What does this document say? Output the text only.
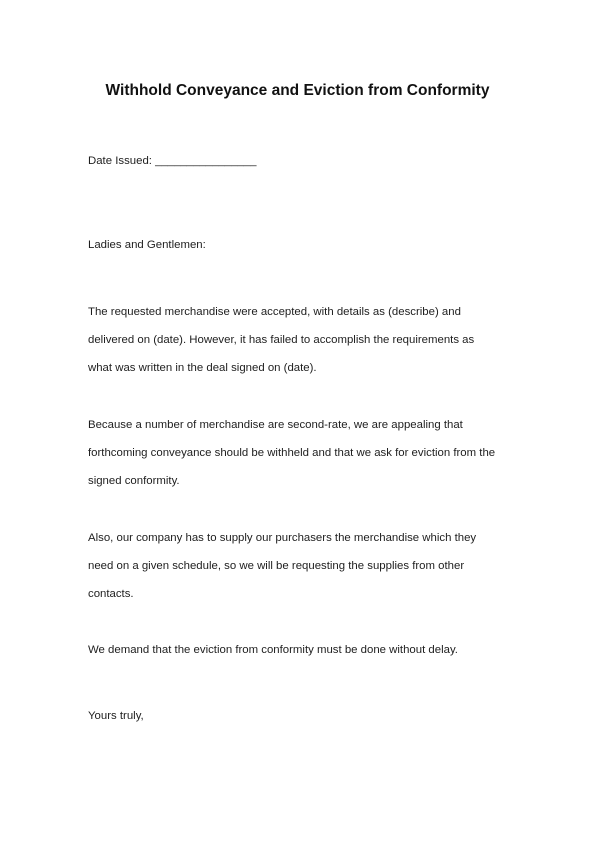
Withhold Conveyance and Eviction from Conformity
Date Issued: ________________
Ladies and Gentlemen:
The requested merchandise were accepted, with details as (describe) and
delivered on (date). However, it has failed to accomplish the requirements as
what was written in the deal signed on (date).
Because a number of merchandise are second-rate, we are appealing that
forthcoming conveyance should be withheld and that we ask for eviction from the
signed conformity.
Also, our company has to supply our purchasers the merchandise which they
need on a given schedule, so we will be requesting the supplies from other
contacts.
We demand that the eviction from conformity must be done without delay.
Yours truly,
